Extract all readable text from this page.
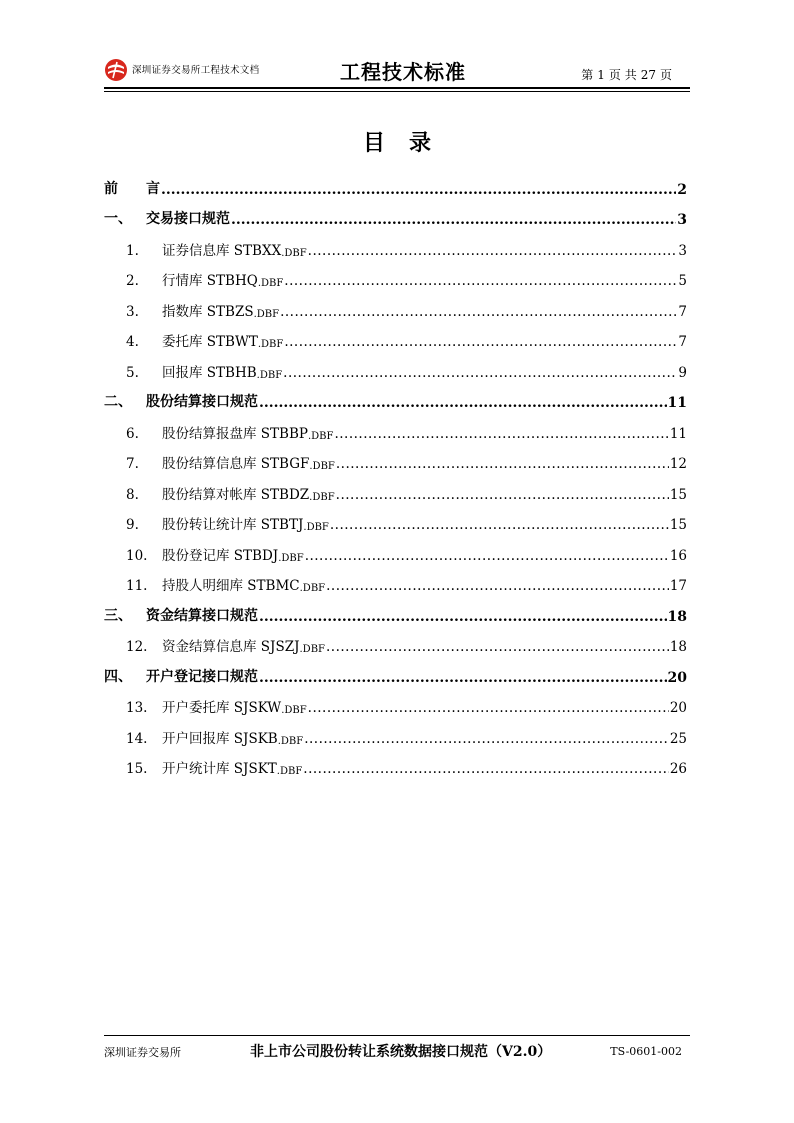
深圳证券交易所工程技术文档	工程技术标准	第 1 页 共 27 页
目录
前　　言 .....	2
一、	交易接口规范 .....	3
1.	证券信息库 STBXX .DBF .....	3
2.	行情库 STBHQ .DBF .....	5
3.	指数库 STBZS .DBF .....	7
4.	委托库 STBWT .DBF .....	7
5.	回报库 STBHB .DBF .....	9
二、	股份结算接口规范 .....	11
6.	股份结算报盘库 STBBP .DBF .....	11
7.	股份结算信息库 STBGF .DBF .....	12
8.	股份结算对帐库 STBDZ .DBF .....	15
9.	股份转让统计库 STBTJ .DBF .....	15
10.	股份登记库 STBDJ .DBF .....	16
11.	持股人明细库 STBMC .DBF .....	17
三、	资金结算接口规范 .....	18
12.	资金结算信息库 SJSZJ .DBF .....	18
四、	开户登记接口规范 .....	20
13.	开户委托库 SJSKW .DBF .....	20
14.	开户回报库 SJSKB .DBF .....	25
15.	开户统计库 SJSKT .DBF .....	26
深圳证券交易所	非上市公司股份转让系统数据接口规范（V2.0）	TS-0601-002
